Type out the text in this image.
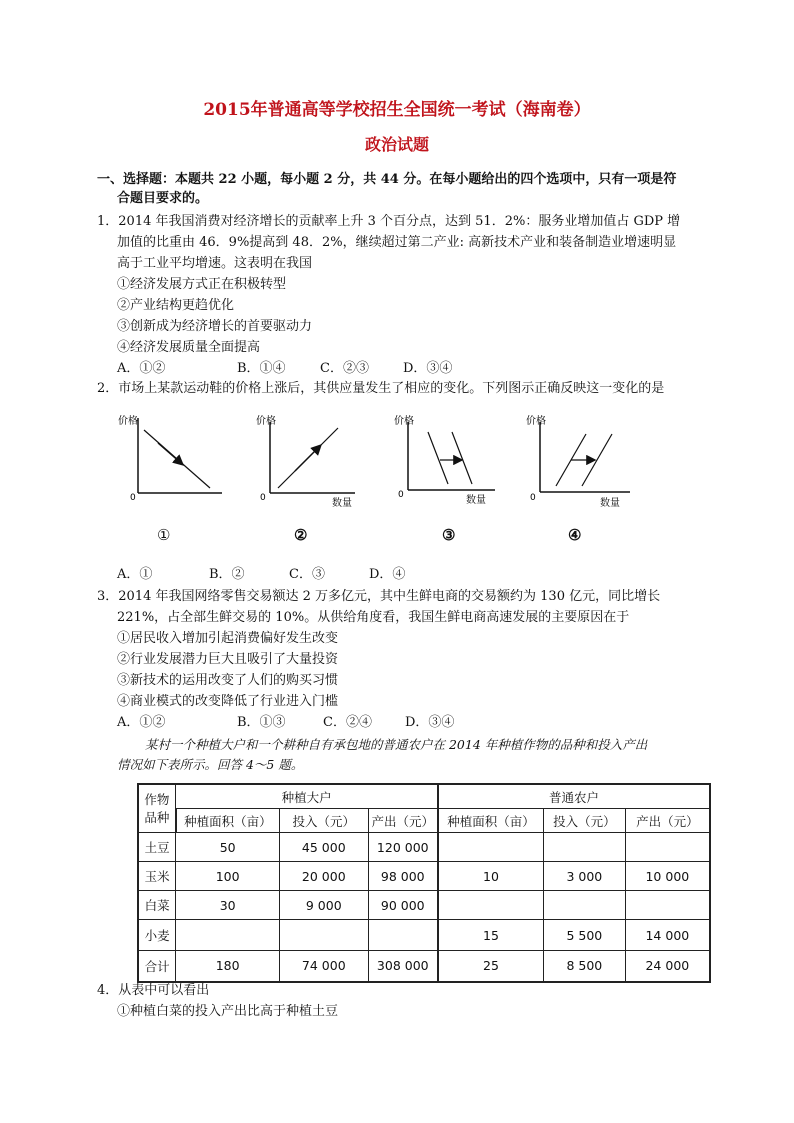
2015年普通高等学校招生全国统一考试（海南卷）
政治试题
一、选择题：本题共 22 小题，每小题 2 分，共 44 分。在每小题给出的四个选项中，只有一项是符
合题目要求的。
1．2014 年我国消费对经济增长的贡献率上升 3 个百分点，达到 51．2%：服务业增加值占 GDP 增
加值的比重由 46．9%提高到 48．2%，继续超过第二产业: 高新技术产业和装备制造业增速明显
高于工业平均增速。这表明在我国
①经济发展方式正在积极转型
②产业结构更趋优化
③创新成为经济增长的首要驱动力
④经济发展质量全面提高
A．①②	B．①④	C．②③	D．③④
2．市场上某款运动鞋的价格上涨后，其供应量发生了相应的变化。下列图示正确反映这一变化的是
价格
0
价格
0	数量
价格
0	数量
价格
0	数量
①	②	③	④
A．①	B．②	C．③	D．④
3．2014 年我国网络零售交易额达 2 万多亿元，其中生鲜电商的交易额约为 130 亿元，同比增长
221%，占全部生鲜交易的 10%。从供给角度看，我国生鲜电商高速发展的主要原因在于
①居民收入增加引起消费偏好发生改变
②行业发展潜力巨大且吸引了大量投资
③新技术的运用改变了人们的购买习惯
④商业模式的改变降低了行业进入门槛
A．①②	B．①③	C．②④	D．③④
某村一个种植大户和一个耕种自有承包地的普通农户在 2014 年种植作物的品种和投入产出
情况如下表所示。回答 4～5 题。
作物
品种	种植大户			普通农户		
	种植面积（亩）	投入（元）	产出（元）	种植面积（亩）	投入（元）	产出（元）
土豆	50	45 000	120 000			
玉米	100	20 000	98 000	10	3 000	10 000
白菜	30	9 000	90 000			
小麦				15	5 500	14 000
合计	180	74 000	308 000	25	8 500	24 000
4．从表中可以看出
①种植白菜的投入产出比高于种植土豆
